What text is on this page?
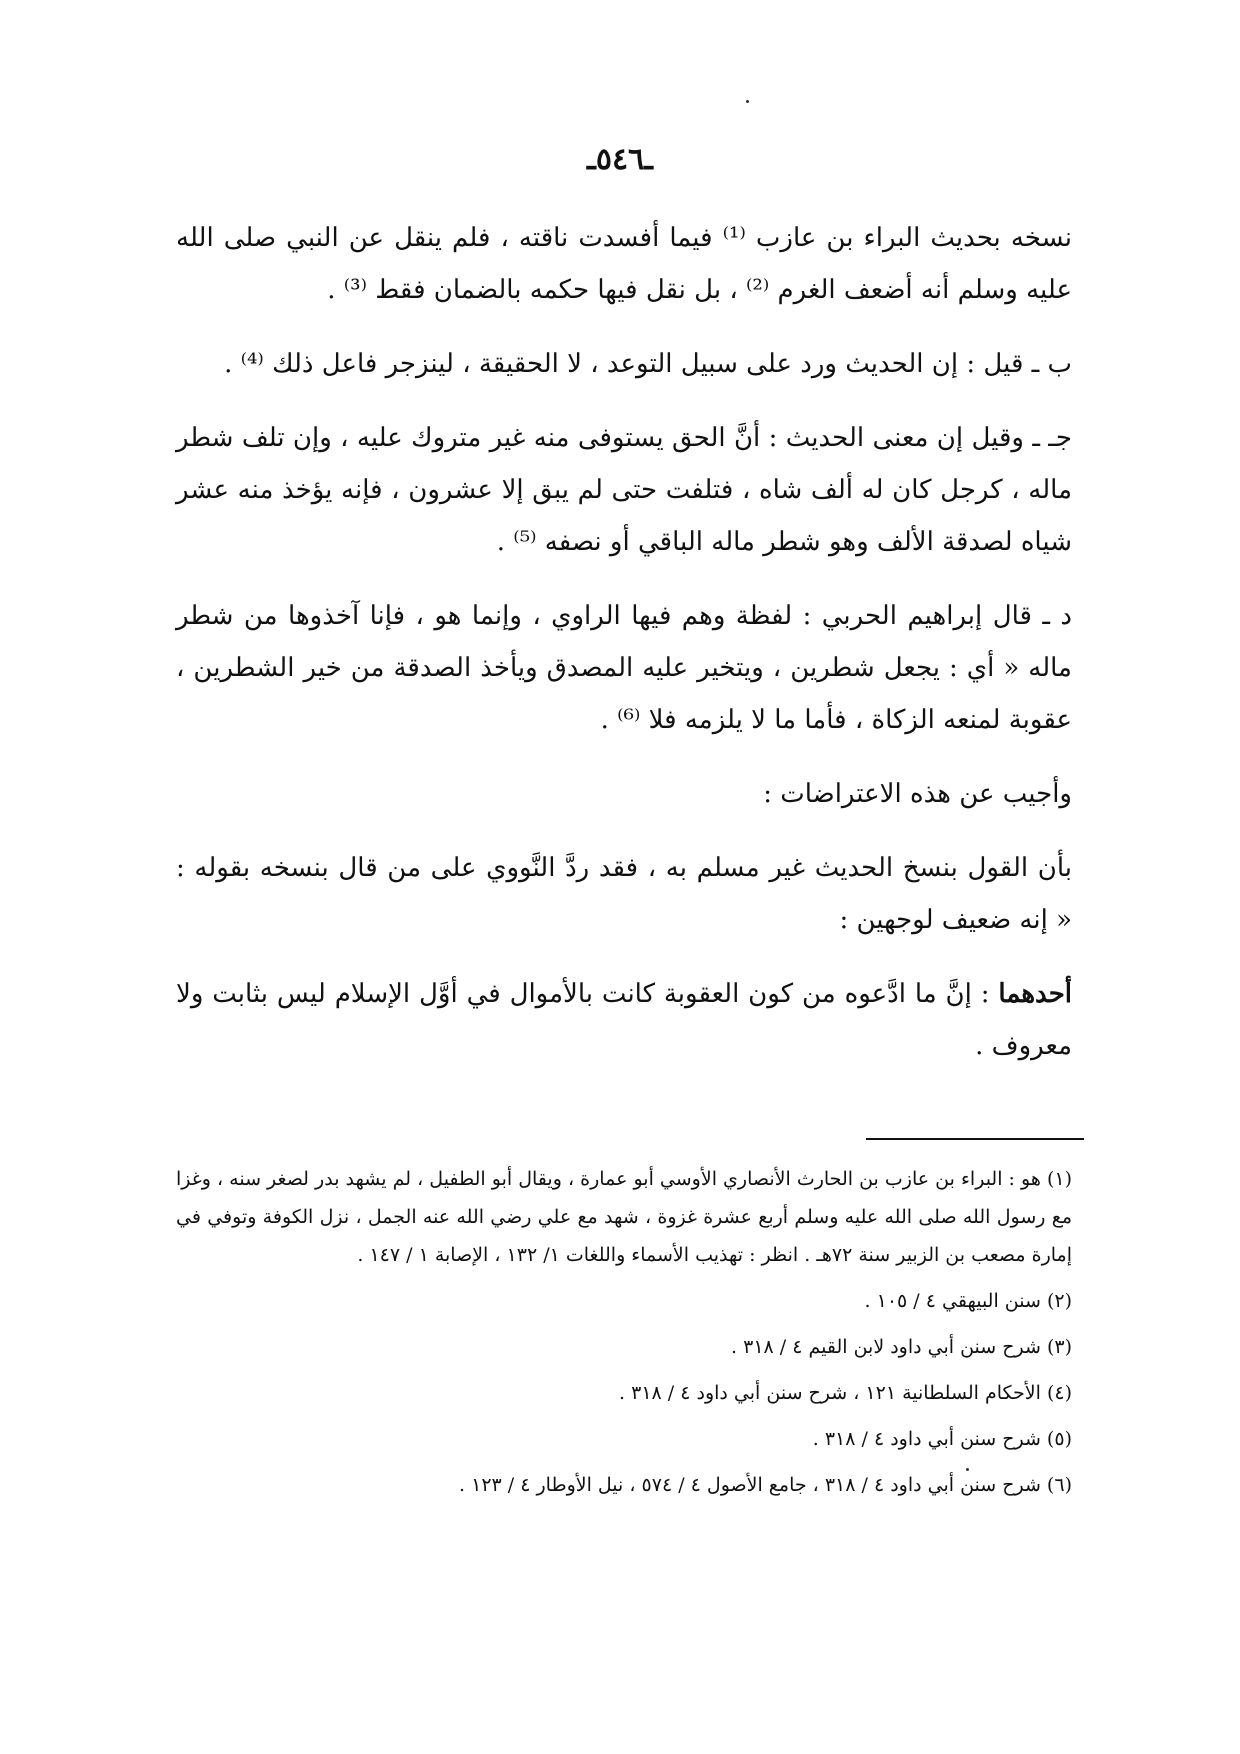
ـ٥٤٦ـ

نسخه بحديث البراء بن عازب ⁽¹⁾ فيما أفسدت ناقته ، فلم ينقل عن النبي صلى الله عليه وسلم أنه أضعف الغرم ⁽²⁾ ، بل نقل فيها حكمه بالضمان فقط ⁽³⁾ .

ب ـ قيل : إن الحديث ورد على سبيل التوعد ، لا الحقيقة ، لينزجر فاعل ذلك ⁽⁴⁾ .

جـ ـ وقيل إن معنى الحديث : أنَّ الحق يستوفى منه غير متروك عليه ، وإن تلف شطر ماله ، كرجل كان له ألف شاه ، فتلفت حتى لم يبق إلا عشرون ، فإنه يؤخذ منه عشر شياه لصدقة الألف وهو شطر ماله الباقي أو نصفه ⁽⁵⁾ .

د ـ قال إبراهيم الحربي : لفظة وهم فيها الراوي ، وإنما هو ، فإنا آخذوها من شطر ماله « أي : يجعل شطرين ، ويتخير عليه المصدق ويأخذ الصدقة من خير الشطرين ، عقوبة لمنعه الزكاة ، فأما ما لا يلزمه فلا ⁽⁶⁾ .

وأجيب عن هذه الاعتراضات :

بأن القول بنسخ الحديث غير مسلم به ، فقد ردَّ النَّووي على من قال بنسخه بقوله : « إنه ضعيف لوجهين :

أحدهما : إنَّ ما ادَّعوه من كون العقوبة كانت بالأموال في أوَّل الإسلام ليس بثابت ولا معروف .

(١) هو : البراء بن عازب بن الحارث الأنصاري الأوسي أبو عمارة ، ويقال أبو الطفيل ، لم يشهد بدر لصغر سنه ، وغزا مع رسول الله صلى الله عليه وسلم أربع عشرة غزوة ، شهد مع علي رضي الله عنه الجمل ، نزل الكوفة وتوفي في إمارة مصعب بن الزبير سنة ٧٢هـ . انظر : تهذيب الأسماء واللغات ١/ ١٣٢ ، الإصابة ١ / ١٤٧ .
(٢) سنن البيهقي ٤ / ١٠٥ .
(٣) شرح سنن أبي داود لابن القيم ٤ / ٣١٨ .
(٤) الأحكام السلطانية ١٢١ ، شرح سنن أبي داود ٤ / ٣١٨ .
(٥) شرح سنن أبي داود ٤ / ٣١٨ .
(٦) شرح سنن أبي داود ٤ / ٣١٨ ، جامع الأصول ٤ / ٥٧٤ ، نيل الأوطار ٤ / ١٢٣ .
